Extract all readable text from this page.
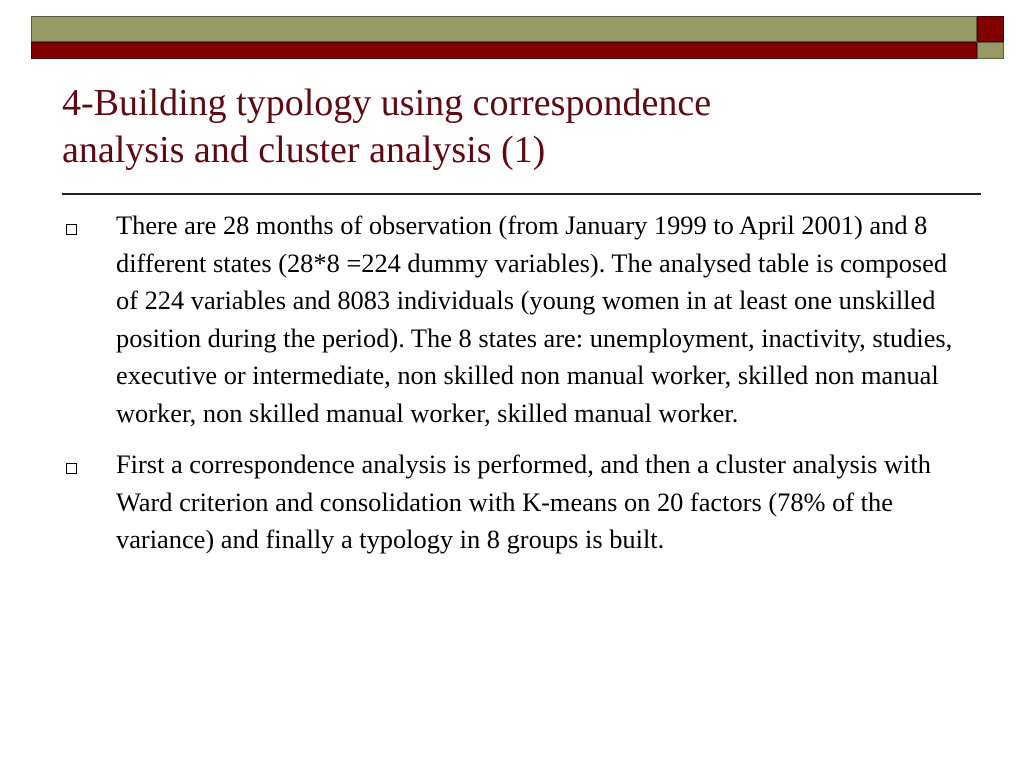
4-Building typology using correspondence
analysis and cluster analysis (1)
There are 28 months of observation (from January 1999 to April 2001) and 8 different states (28*8 =224 dummy variables). The analysed table is composed of 224 variables and 8083 individuals (young women in at least one unskilled position during the period). The 8 states are: unemployment, inactivity, studies, executive or intermediate, non skilled non manual worker, skilled non manual worker, non skilled manual worker, skilled manual worker.
First a correspondence analysis is performed, and then a cluster analysis with Ward criterion and consolidation with K-means on 20 factors (78% of the variance) and finally a typology in 8 groups is built.
